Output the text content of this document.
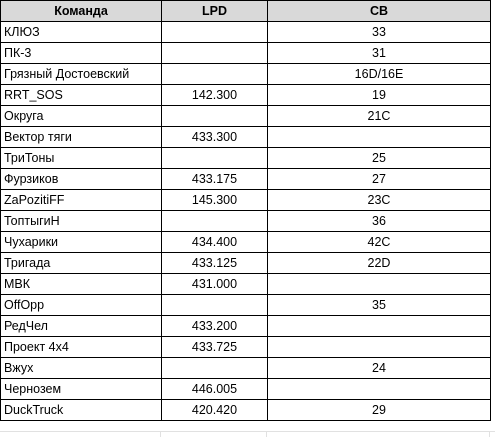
Команда	LPD	CB
КЛЮЗ		33
ПК-3		31
Грязный Достоевский		16D/16E
RRT_SOS	142.300	19
Округа		21C
Вектор тяги	433.300	
ТриТоны		25
Фурзиков	433.175	27
ZaPozitiFF	145.300	23C
ТоптыгиН		36
Чухарики	434.400	42C
Тригада	433.125	22D
МВК	431.000	
OffOpp		35
РедЧел	433.200	
Проект 4х4	433.725	
Вжух		24
Чернозем	446.005	
DuckTruck	420.420	29
